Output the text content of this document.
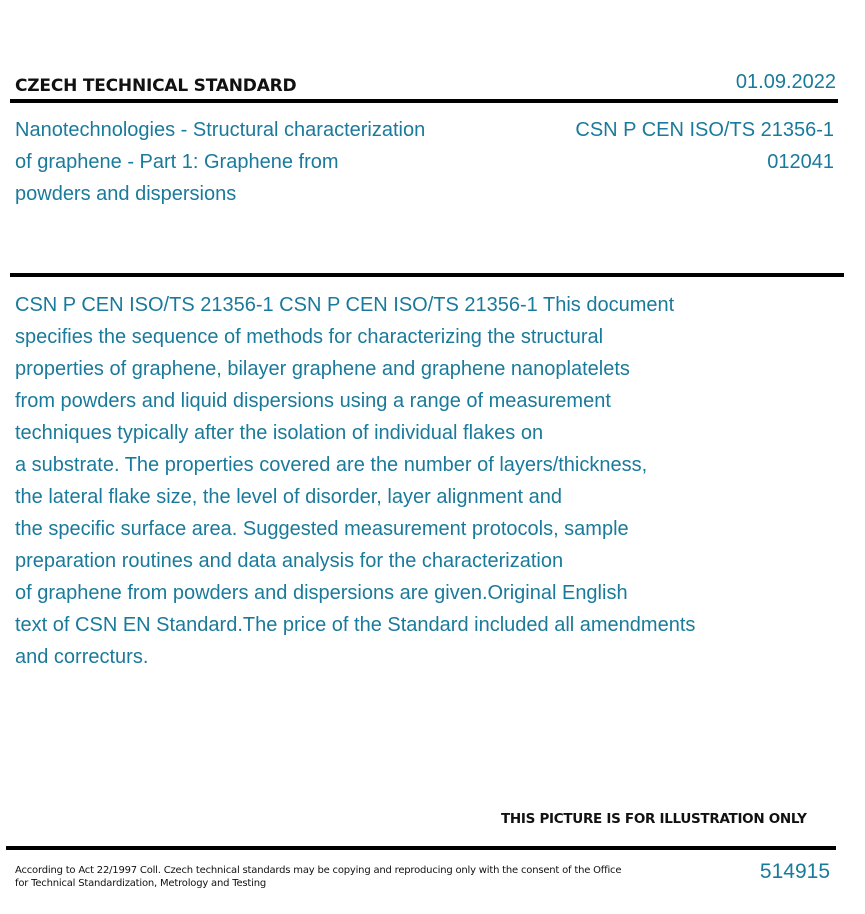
CZECH TECHNICAL STANDARD	01.09.2022
Nanotechnologies - Structural characterization
of graphene - Part 1: Graphene from
powders and dispersions
CSN P CEN ISO/TS 21356-1
012041
CSN P CEN ISO/TS 21356-1 CSN P CEN ISO/TS 21356-1 This document
specifies the sequence of methods for characterizing the structural
properties of graphene, bilayer graphene and graphene nanoplatelets
from powders and liquid dispersions using a range of measurement
techniques typically after the isolation of individual flakes on
a substrate. The properties covered are the number of layers/thickness,
the lateral flake size, the level of disorder, layer alignment and
the specific surface area. Suggested measurement protocols, sample
preparation routines and data analysis for the characterization
of graphene from powders and dispersions are given.Original English
text of CSN EN Standard.The price of the Standard included all amendments
and correcturs.
THIS PICTURE IS FOR ILLUSTRATION ONLY
According to Act 22/1997 Coll. Czech technical standards may be copying and reproducing only with the consent of the Office
for Technical Standardization, Metrology and Testing
514915
